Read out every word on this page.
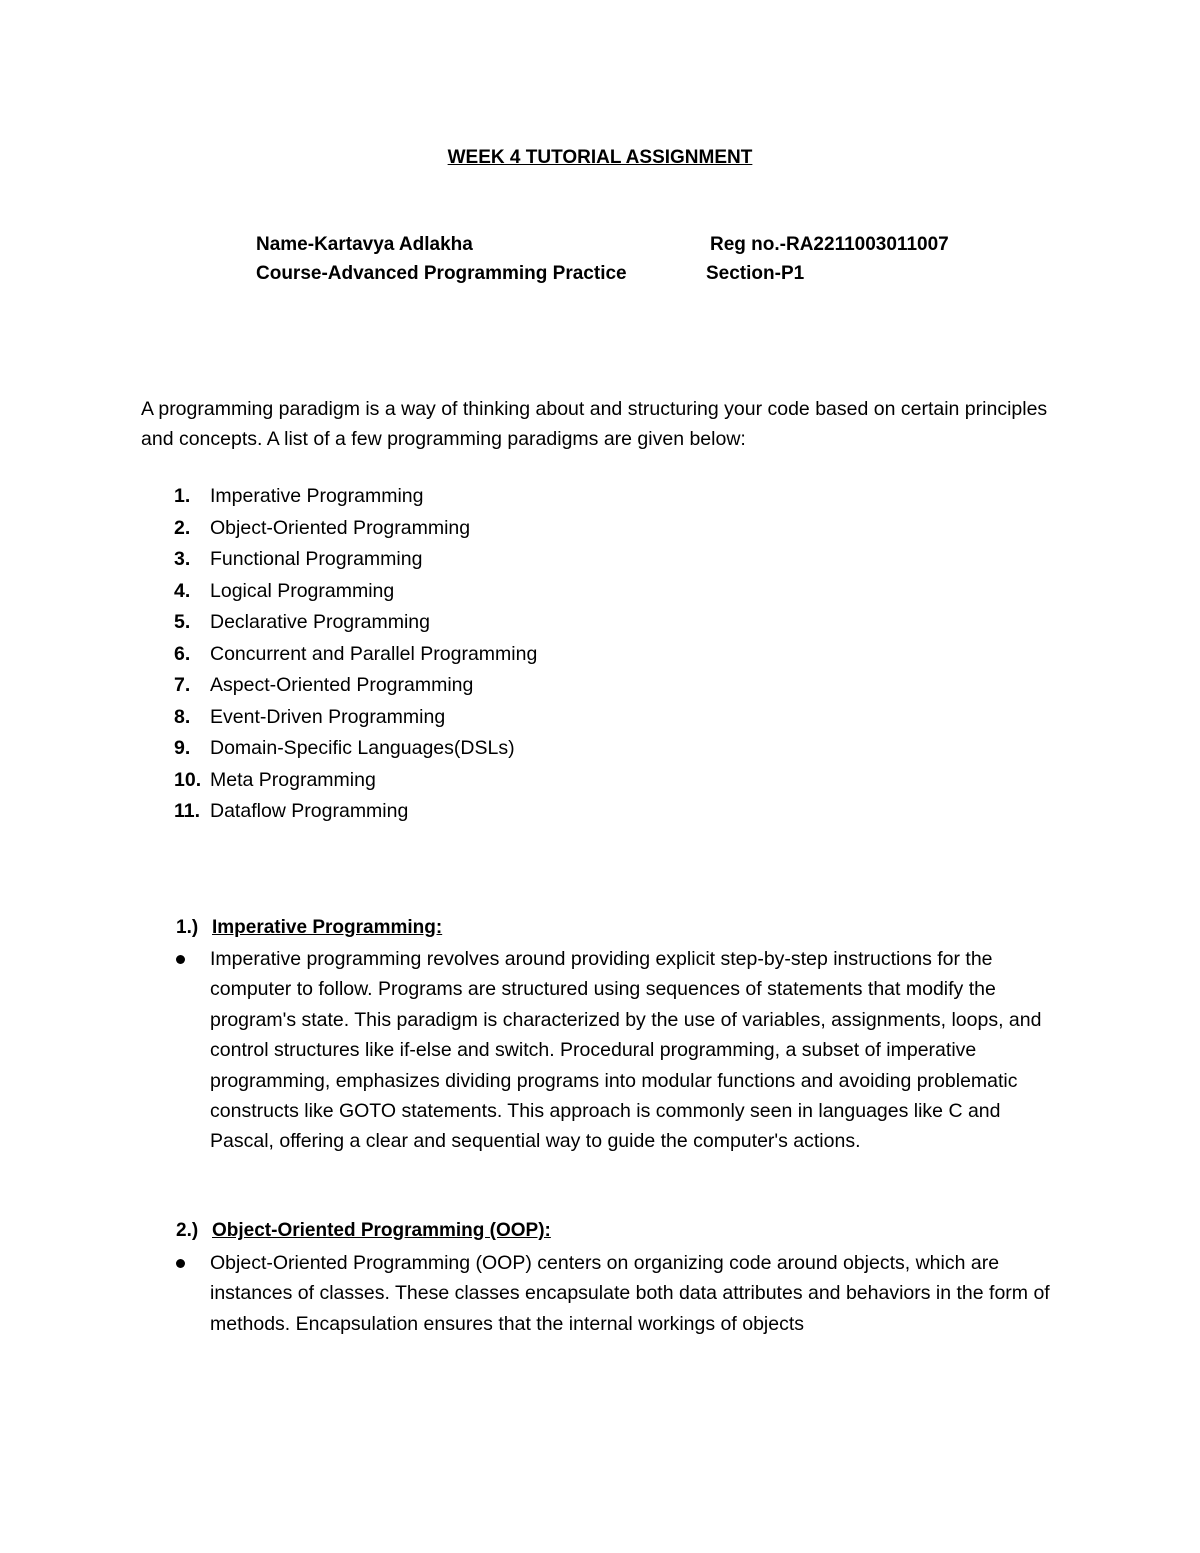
WEEK 4 TUTORIAL ASSIGNMENT
Name-Kartavya Adlakha	Reg no.-RA2211003011007
Course-Advanced Programming Practice	Section-P1
A programming paradigm is a way of thinking about and structuring your code based on certain principles and concepts. A list of a few programming paradigms are given below:
1. Imperative Programming
2. Object-Oriented Programming
3. Functional Programming
4. Logical Programming
5. Declarative Programming
6. Concurrent and Parallel Programming
7. Aspect-Oriented Programming
8. Event-Driven Programming
9. Domain-Specific Languages(DSLs)
10. Meta Programming
11. Dataflow Programming
1.) Imperative Programming:
Imperative programming revolves around providing explicit step-by-step instructions for the computer to follow. Programs are structured using sequences of statements that modify the program's state. This paradigm is characterized by the use of variables, assignments, loops, and control structures like if-else and switch. Procedural programming, a subset of imperative programming, emphasizes dividing programs into modular functions and avoiding problematic constructs like GOTO statements. This approach is commonly seen in languages like C and Pascal, offering a clear and sequential way to guide the computer's actions.
2.) Object-Oriented Programming (OOP):
Object-Oriented Programming (OOP) centers on organizing code around objects, which are instances of classes. These classes encapsulate both data attributes and behaviors in the form of methods. Encapsulation ensures that the internal workings of objects
